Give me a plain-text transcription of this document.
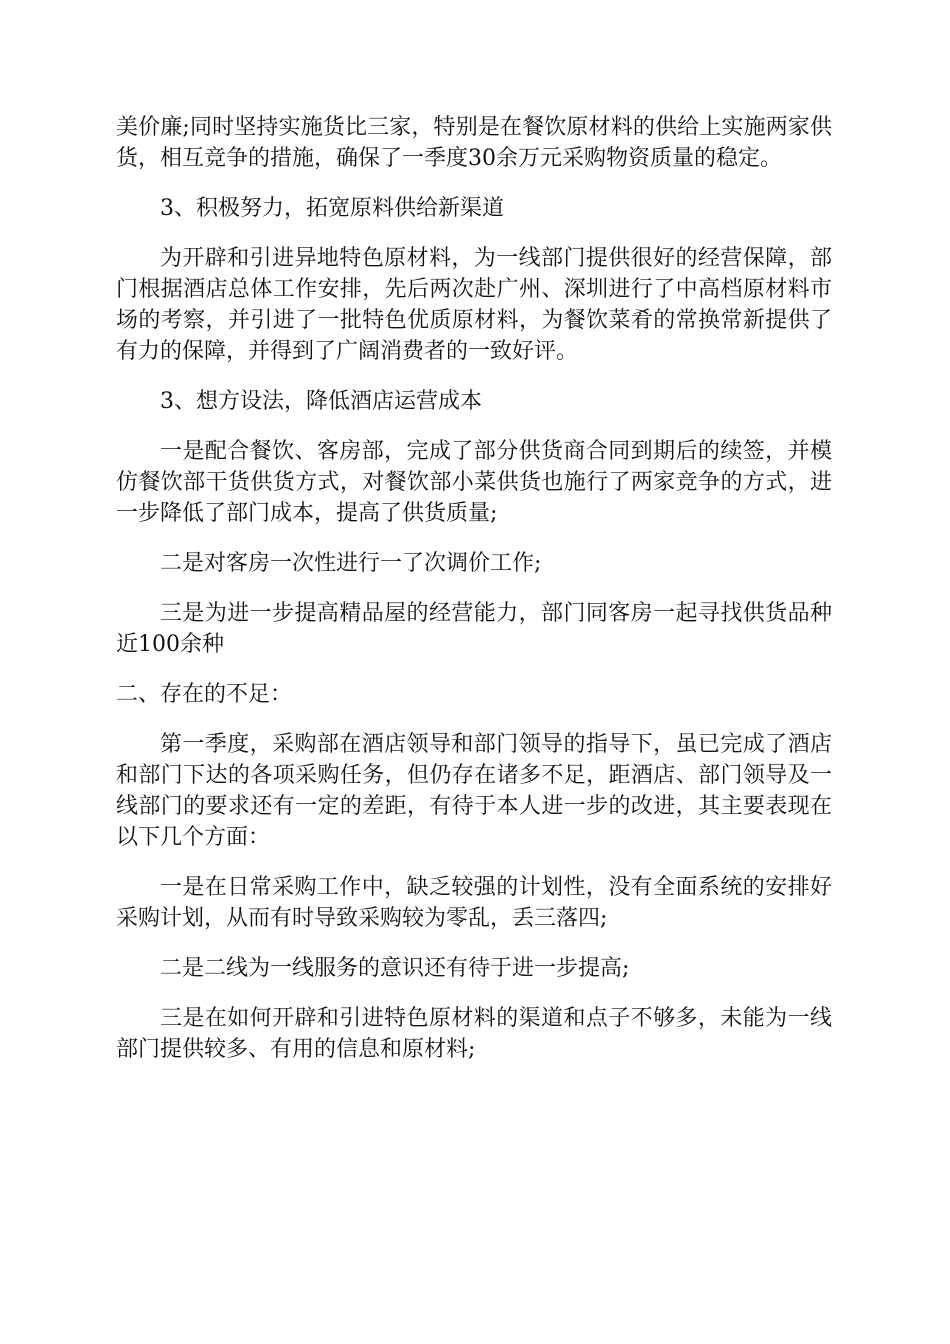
美价廉;同时坚持实施货比三家，特别是在餐饮原材料的供给上实施两家供货，相互竞争的措施，确保了一季度30余万元采购物资质量的稳定。

3、积极努力，拓宽原料供给新渠道

为开辟和引进异地特色原材料，为一线部门提供很好的经营保障，部门根据酒店总体工作安排，先后两次赴广州、深圳进行了中高档原材料市场的考察，并引进了一批特色优质原材料，为餐饮菜肴的常换常新提供了有力的保障，并得到了广阔消费者的一致好评。

3、想方设法，降低酒店运营成本

一是配合餐饮、客房部，完成了部分供货商合同到期后的续签，并模仿餐饮部干货供货方式，对餐饮部小菜供货也施行了两家竞争的方式，进一步降低了部门成本，提高了供货质量;

二是对客房一次性进行一了次调价工作;

三是为进一步提高精品屋的经营能力，部门同客房一起寻找供货品种近100余种

二、存在的不足：

第一季度，采购部在酒店领导和部门领导的指导下，虽已完成了酒店和部门下达的各项采购任务，但仍存在诸多不足，距酒店、部门领导及一线部门的要求还有一定的差距，有待于本人进一步的改进，其主要表现在以下几个方面：

一是在日常采购工作中，缺乏较强的计划性，没有全面系统的安排好采购计划，从而有时导致采购较为零乱，丢三落四;

二是二线为一线服务的意识还有待于进一步提高;

三是在如何开辟和引进特色原材料的渠道和点子不够多，未能为一线部门提供较多、有用的信息和原材料;
